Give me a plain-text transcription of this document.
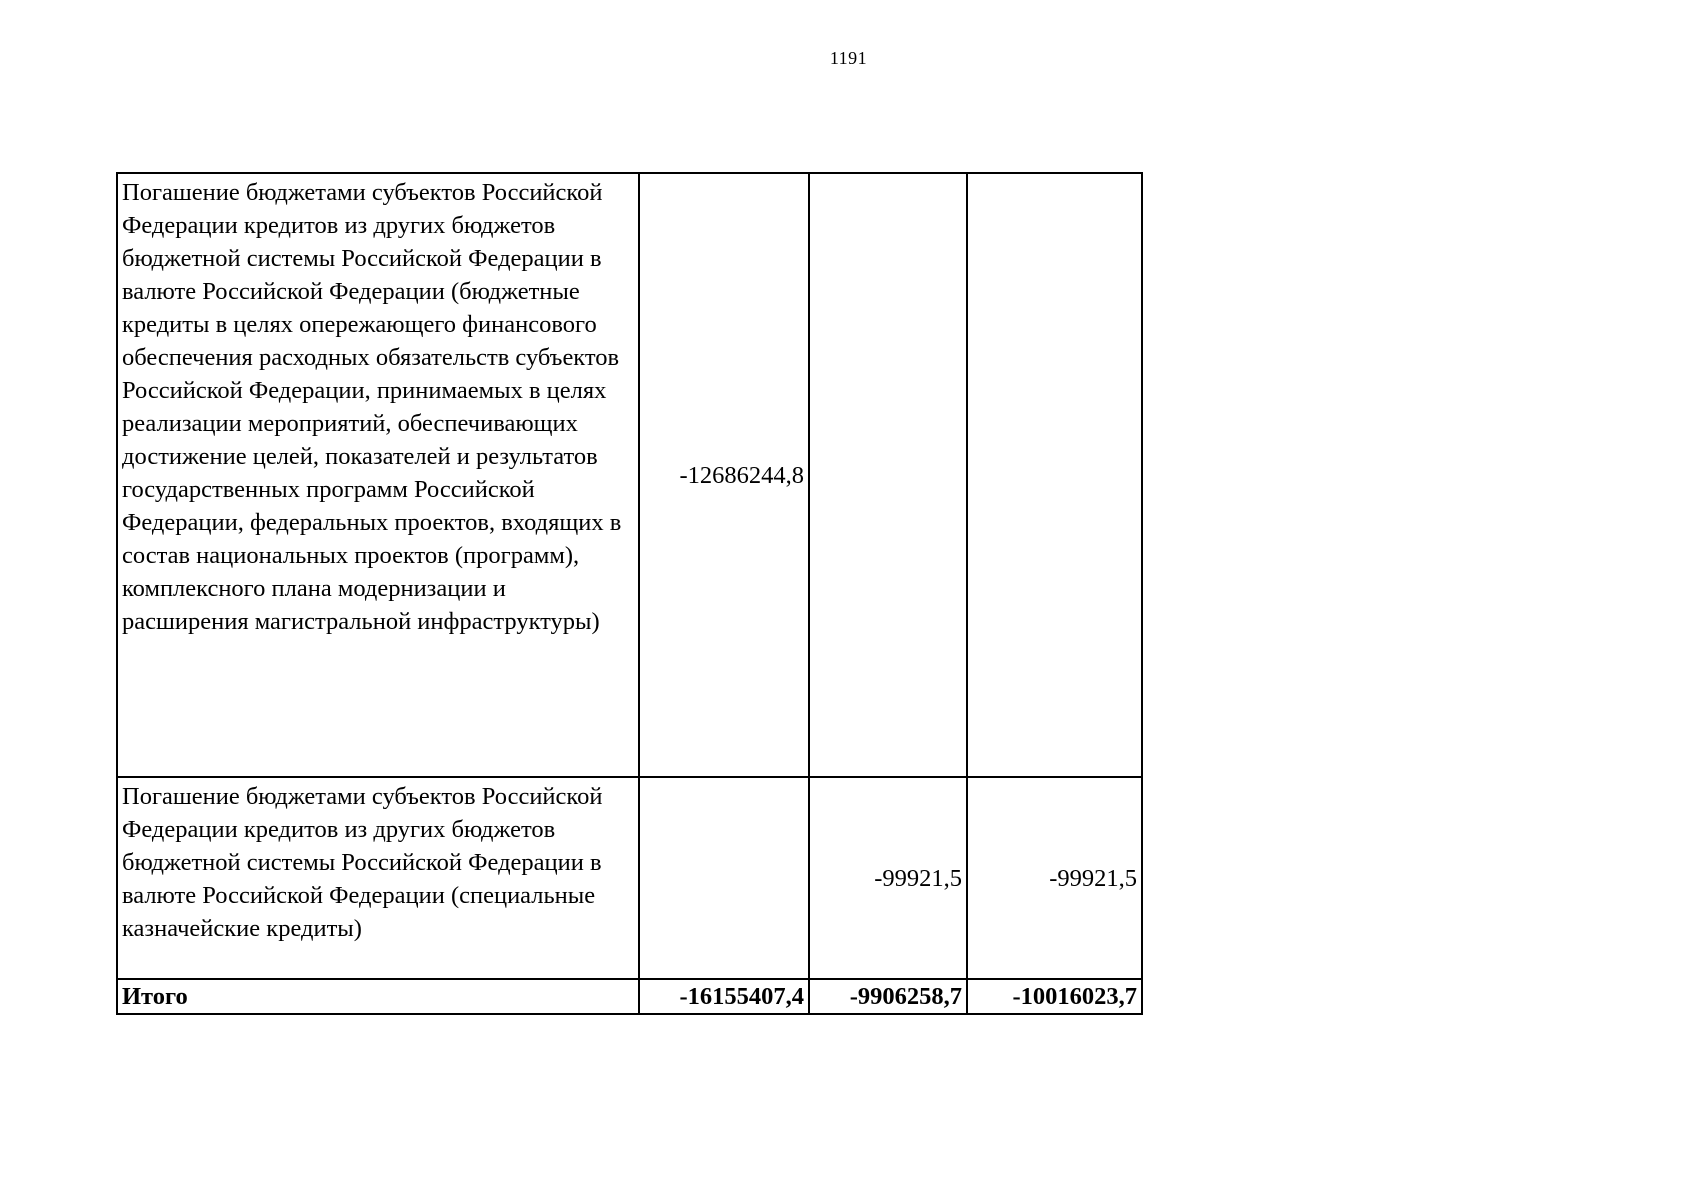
1191
Погашение бюджетами субъектов Российской Федерации кредитов из других бюджетов бюджетной системы Российской Федерации в валюте Российской Федерации (бюджетные кредиты в целях опережающего финансового обеспечения расходных обязательств субъектов Российской Федерации, принимаемых в целях реализации мероприятий, обеспечивающих достижение целей, показателей и результатов государственных программ Российской Федерации, федеральных проектов, входящих в состав национальных проектов (программ), комплексного плана модернизации и расширения магистральной инфраструктуры)	-12686244,8		
Погашение бюджетами субъектов Российской Федерации кредитов из других бюджетов бюджетной системы Российской Федерации в валюте Российской Федерации (специальные казначейские кредиты)		-99921,5	-99921,5
Итого	-16155407,4	-9906258,7	-10016023,7
